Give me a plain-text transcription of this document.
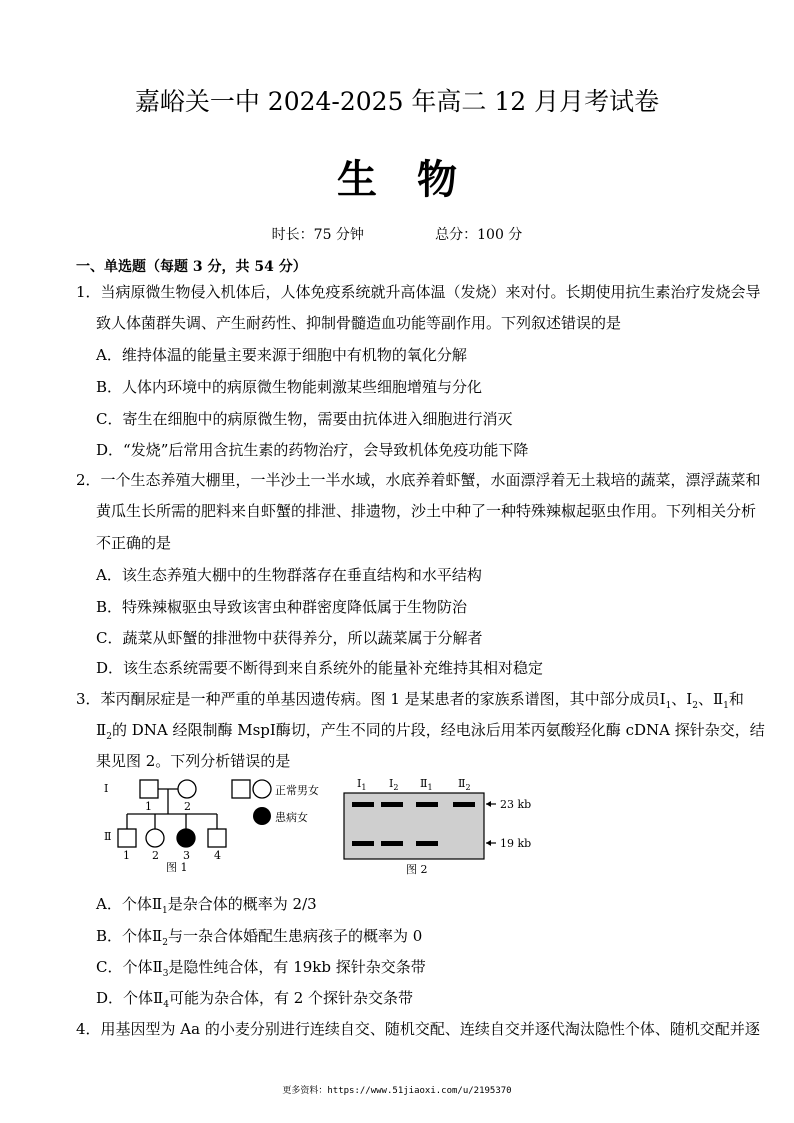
嘉峪关一中 2024-2025 年高二 12 月月考试卷
生物
时长：75 分钟                总分：100 分
一、单选题（每题 3 分，共 54 分）
1．当病原微生物侵入机体后，人体免疫系统就升高体温（发烧）来对付。长期使用抗生素治疗发烧会导
致人体菌群失调、产生耐药性、抑制骨髓造血功能等副作用。下列叙述错误的是
A．维持体温的能量主要来源于细胞中有机物的氧化分解
B．人体内环境中的病原微生物能刺激某些细胞增殖与分化
C．寄生在细胞中的病原微生物，需要由抗体进入细胞进行消灭
D．“发烧”后常用含抗生素的药物治疗，会导致机体免疫功能下降
2．一个生态养殖大棚里，一半沙土一半水域，水底养着虾蟹，水面漂浮着无土栽培的蔬菜，漂浮蔬菜和
黄瓜生长所需的肥料来自虾蟹的排泄、排遗物，沙土中种了一种特殊辣椒起驱虫作用。下列相关分析
不正确的是
A．该生态养殖大棚中的生物群落存在垂直结构和水平结构
B．特殊辣椒驱虫导致该害虫种群密度降低属于生物防治
C．蔬菜从虾蟹的排泄物中获得养分，所以蔬菜属于分解者
D．该生态系统需要不断得到来自系统外的能量补充维持其相对稳定
3．苯丙酮尿症是一种严重的单基因遗传病。图 1 是某患者的家族系谱图，其中部分成员$Ⅰ_1$、$Ⅰ_2$、$Ⅱ_1$和
$Ⅱ_2$的 DNA 经限制酶 MspⅠ酶切，产生不同的片段，经电泳后用苯丙氨酸羟化酶 cDNA 探针杂交，结
果见图 2。下列分析错误的是
Ⅰ
Ⅱ
1	2
1 2 3 4
图 1
正常男女
患病女
$Ⅰ_1$ $Ⅰ_2$ $Ⅱ_1$ $Ⅱ_2$
23 kb
19 kb
图 2
A．个体$Ⅱ_1$是杂合体的概率为 2/3
B．个体$Ⅱ_2$与一杂合体婚配生患病孩子的概率为 0
C．个体$Ⅱ_3$是隐性纯合体，有 19kb 探针杂交条带
D．个体$Ⅱ_4$可能为杂合体，有 2 个探针杂交条带
4．用基因型为 Aa 的小麦分别进行连续自交、随机交配、连续自交并逐代淘汰隐性个体、随机交配并逐
更多资料：https://www.51jiaoxi.com/u/2195370
